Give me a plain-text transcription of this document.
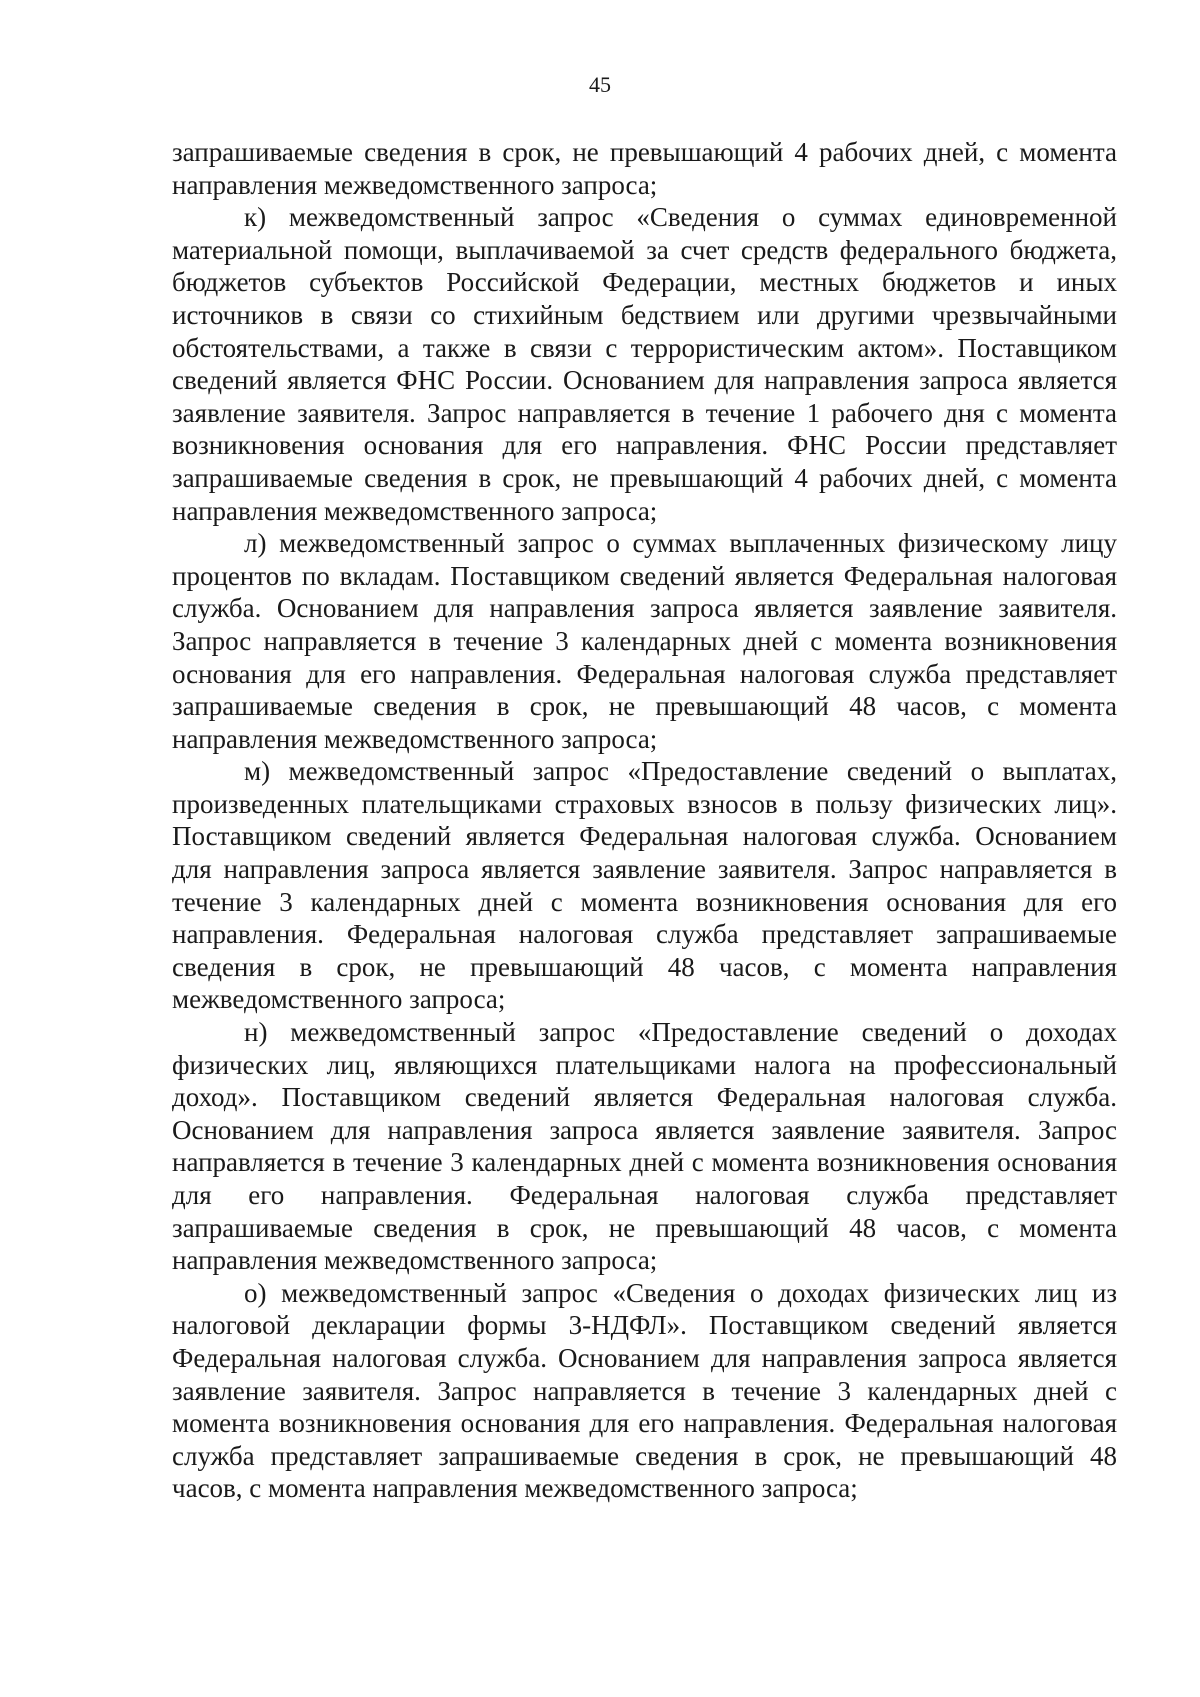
45

запрашиваемые сведения в срок, не превышающий 4 рабочих дней, с момента направления межведомственного запроса;

к) межведомственный запрос «Сведения о суммах единовременной материальной помощи, выплачиваемой за счет средств федерального бюджета, бюджетов субъектов Российской Федерации, местных бюджетов и иных источников в связи со стихийным бедствием или другими чрезвычайными обстоятельствами, а также в связи с террористическим актом». Поставщиком сведений является ФНС России. Основанием для направления запроса является заявление заявителя. Запрос направляется в течение 1 рабочего дня с момента возникновения основания для его направления. ФНС России представляет запрашиваемые сведения в срок, не превышающий 4 рабочих дней, с момента направления межведомственного запроса;

л) межведомственный запрос о суммах выплаченных физическому лицу процентов по вкладам. Поставщиком сведений является Федеральная налоговая служба. Основанием для направления запроса является заявление заявителя. Запрос направляется в течение 3 календарных дней с момента возникновения основания для его направления. Федеральная налоговая служба представляет запрашиваемые сведения в срок, не превышающий 48 часов, с момента направления межведомственного запроса;

м) межведомственный запрос «Предоставление сведений о выплатах, произведенных плательщиками страховых взносов в пользу физических лиц». Поставщиком сведений является Федеральная налоговая служба. Основанием для направления запроса является заявление заявителя. Запрос направляется в течение 3 календарных дней с момента возникновения основания для его направления. Федеральная налоговая служба представляет запрашиваемые сведения в срок, не превышающий 48 часов, с момента направления межведомственного запроса;

н) межведомственный запрос «Предоставление сведений о доходах физических лиц, являющихся плательщиками налога на профессиональный доход». Поставщиком сведений является Федеральная налоговая служба. Основанием для направления запроса является заявление заявителя. Запрос направляется в течение 3 календарных дней с момента возникновения основания для его направления. Федеральная налоговая служба представляет запрашиваемые сведения в срок, не превышающий 48 часов, с момента направления межведомственного запроса;

о) межведомственный запрос «Сведения о доходах физических лиц из налоговой декларации формы 3-НДФЛ». Поставщиком сведений является Федеральная налоговая служба. Основанием для направления запроса является заявление заявителя. Запрос направляется в течение 3 календарных дней с момента возникновения основания для его направления. Федеральная налоговая служба представляет запрашиваемые сведения в срок, не превышающий 48 часов, с момента направления межведомственного запроса;
